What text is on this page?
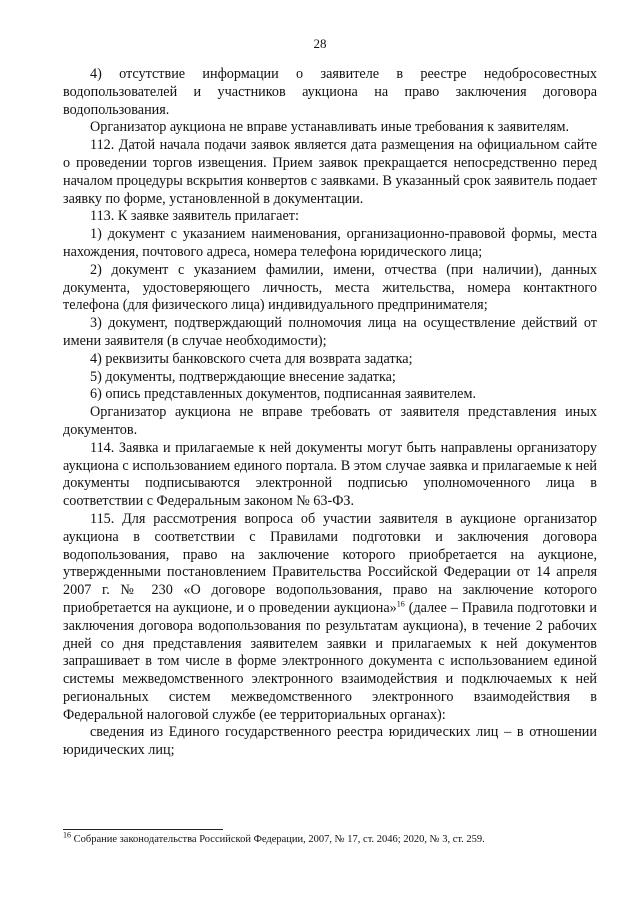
28

4) отсутствие информации о заявителе в реестре недобросовестных водопользователей и участников аукциона на право заключения договора водопользования.

Организатор аукциона не вправе устанавливать иные требования к заявителям.

112. Датой начала подачи заявок является дата размещения на официальном сайте о проведении торгов извещения. Прием заявок прекращается непосредственно перед началом процедуры вскрытия конвертов с заявками. В указанный срок заявитель подает заявку по форме, установленной в документации.

113. К заявке заявитель прилагает:

1) документ с указанием наименования, организационно-правовой формы, места нахождения, почтового адреса, номера телефона юридического лица;

2) документ с указанием фамилии, имени, отчества (при наличии), данных документа, удостоверяющего личность, места жительства, номера контактного телефона (для физического лица) индивидуального предпринимателя;

3) документ, подтверждающий полномочия лица на осуществление действий от имени заявителя (в случае необходимости);

4) реквизиты банковского счета для возврата задатка;

5) документы, подтверждающие внесение задатка;

6) опись представленных документов, подписанная заявителем.

Организатор аукциона не вправе требовать от заявителя представления иных документов.

114. Заявка и прилагаемые к ней документы могут быть направлены организатору аукциона с использованием единого портала. В этом случае заявка и прилагаемые к ней документы подписываются электронной подписью уполномоченного лица в соответствии с Федеральным законом № 63-ФЗ.

115. Для рассмотрения вопроса об участии заявителя в аукционе организатор аукциона в соответствии с Правилами подготовки и заключения договора водопользования, право на заключение которого приобретается на аукционе, утвержденными постановлением Правительства Российской Федерации от 14 апреля 2007 г. № 230 «О договоре водопользования, право на заключение которого приобретается на аукционе, и о проведении аукциона»$^{16}$ (далее – Правила подготовки и заключения договора водопользования по результатам аукциона), в течение 2 рабочих дней со дня представления заявителем заявки и прилагаемых к ней документов запрашивает в том числе в форме электронного документа с использованием единой системы межведомственного электронного взаимодействия и подключаемых к ней региональных систем межведомственного электронного взаимодействия в Федеральной налоговой службе (ее территориальных органах):

сведения из Единого государственного реестра юридических лиц – в отношении юридических лиц;

$^{16}$ Собрание законодательства Российской Федерации, 2007, № 17, ст. 2046; 2020, № 3, ст. 259.
